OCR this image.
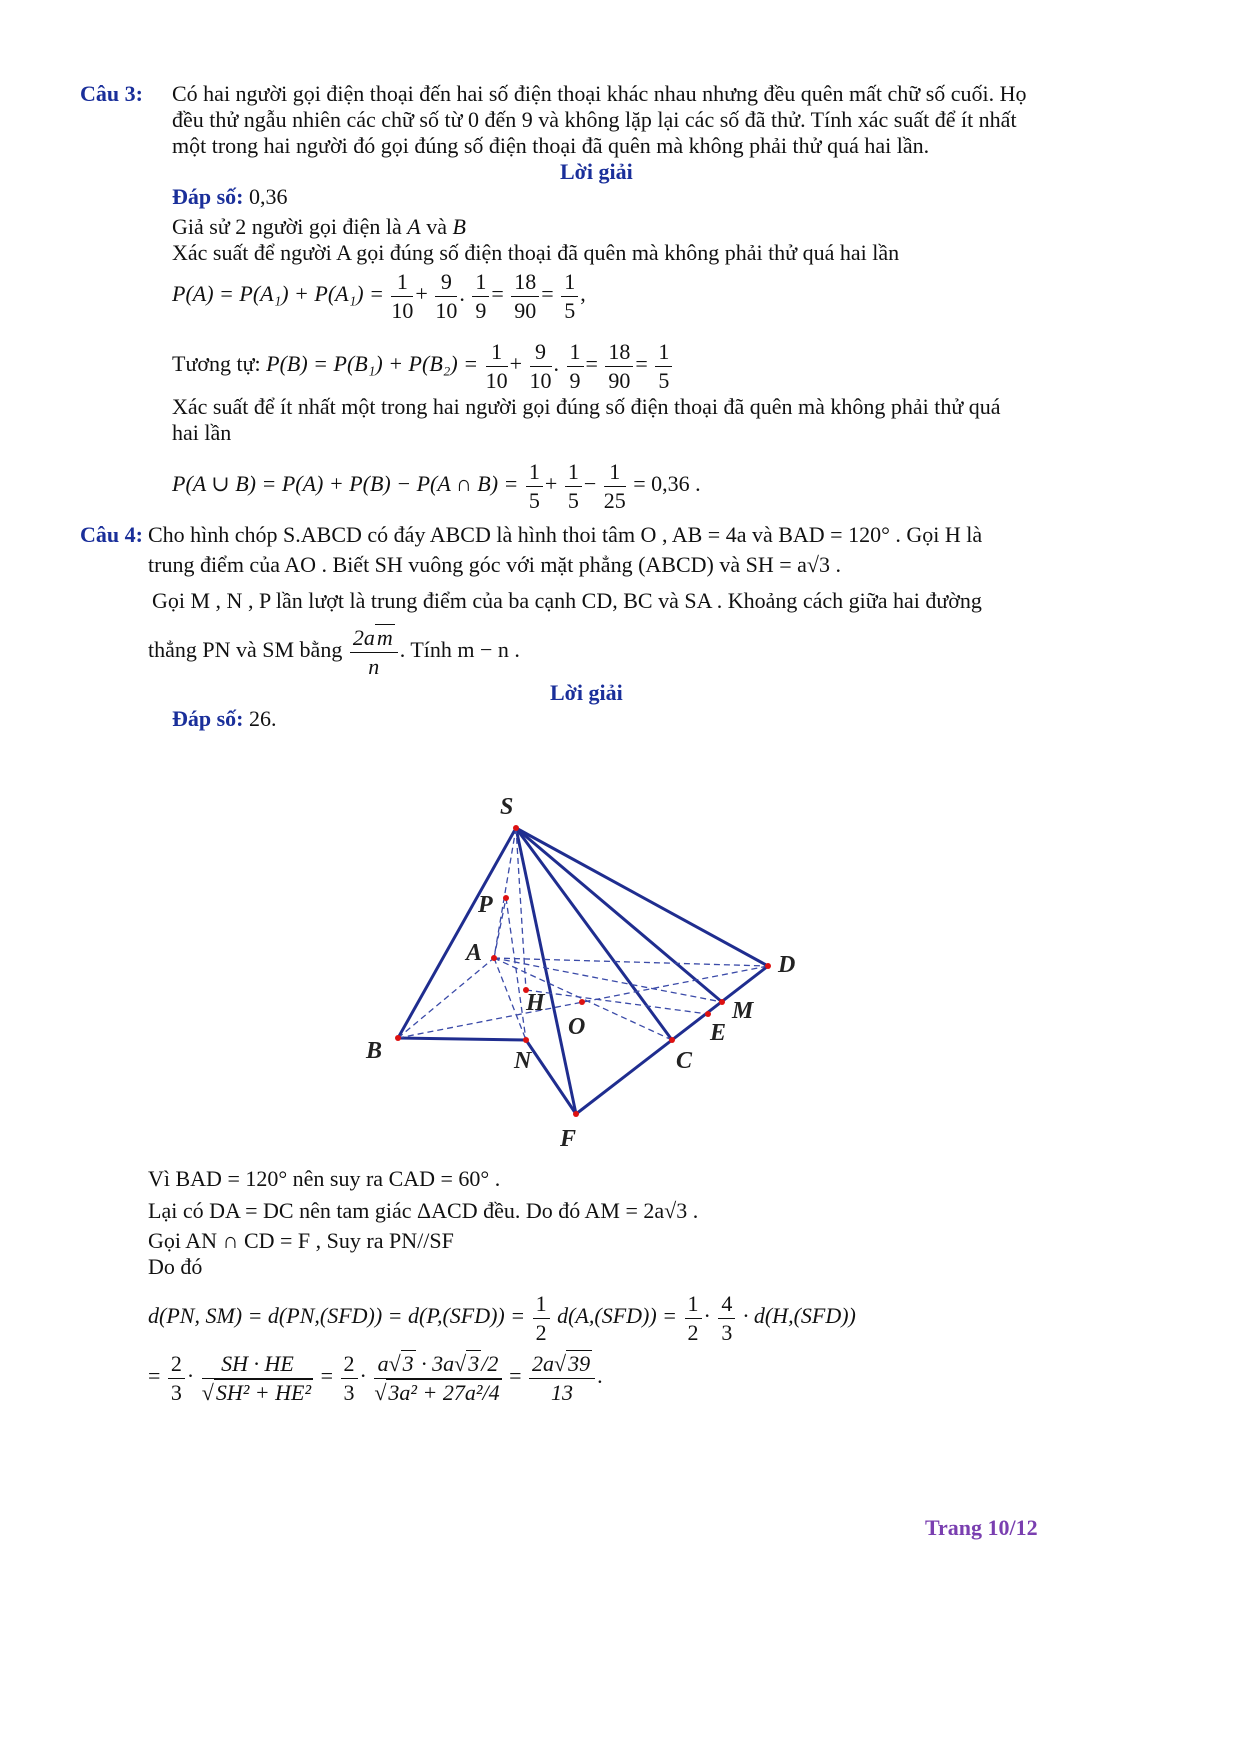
Câu 3: Có hai người gọi điện thoại đến hai số điện thoại khác nhau nhưng đều quên mất chữ số cuối. Họ
đều thử ngẫu nhiên các chữ số từ 0 đến 9 và không lặp lại các số đã thử. Tính xác suất để ít nhất
một trong hai người đó gọi đúng số điện thoại đã quên mà không phải thử quá hai lần.
Lời giải
Đáp số: 0,36
Giả sử 2 người gọi điện là A và B
Xác suất để người A gọi đúng số điện thoại đã quên mà không phải thử quá hai lần
$P(A) = P(A_1) + P(A_1) = \frac{1}{10} + \frac{9}{10}$ . $\frac{1}{9} = \frac{18}{90} = \frac{1}{5}$ ,
Tương tự: $P(B) = P(B_1) + P(B_2) = \frac{1}{10} + \frac{9}{10}$ . $\frac{1}{9} = \frac{18}{90} = \frac{1}{5}$
Xác suất để ít nhất một trong hai người gọi đúng số điện thoại đã quên mà không phải thử quá
hai lần
P(A ∪ B) = P(A) + P(B) − P(A ∩ $B) = \frac{1}{5} + \frac{1}{5} - \frac{1}{25} = 0,36$ .
Câu 4: Cho hình chóp S.ABCD có đáy ABCD là hình thoi tâm O , AB = 4a và BAD = 120° . Gọi H là
trung điểm của AO . Biết SH vuông góc với mặt phẳng (ABCD) và SH = a√3 .
Gọi M , N , P lần lượt là trung điểm của ba cạnh CD, BC và SA . Khoảng cách giữa hai đường
thẳng PN và SM bằng $\frac{2am}{n}$ . Tính m − n .
Lời giải
Đáp số: 26.
S
P
A	D
H	M
O	E
B	N	C
F
Vì BAD = 120° nên suy ra CAD = 60° .
Lại có DA = DC nên tam giác ΔACD đều. Do đó AM = 2a√3 .
Gọi AN ∩ CD = F , Suy ra PN//SF
Do đó
d(PN, $SM) = d(PN,(SFD)) = d(P,(SFD)) = \frac{1}{2} d(A,(SFD)) = \frac{1}{2} \cdot \frac{4}{3} \cdot d(H,(SFD))$
= $\frac{2}{3} \cdot \frac{SH \cdot HE}{\text{√SH² + HE²}} = \frac{2}{3} \cdot \frac{a√3 \cdot 3a√3/2}{\text{√3a² + 27a²/4}} = \frac{2a√39}{13}$ .
Trang 10/12
